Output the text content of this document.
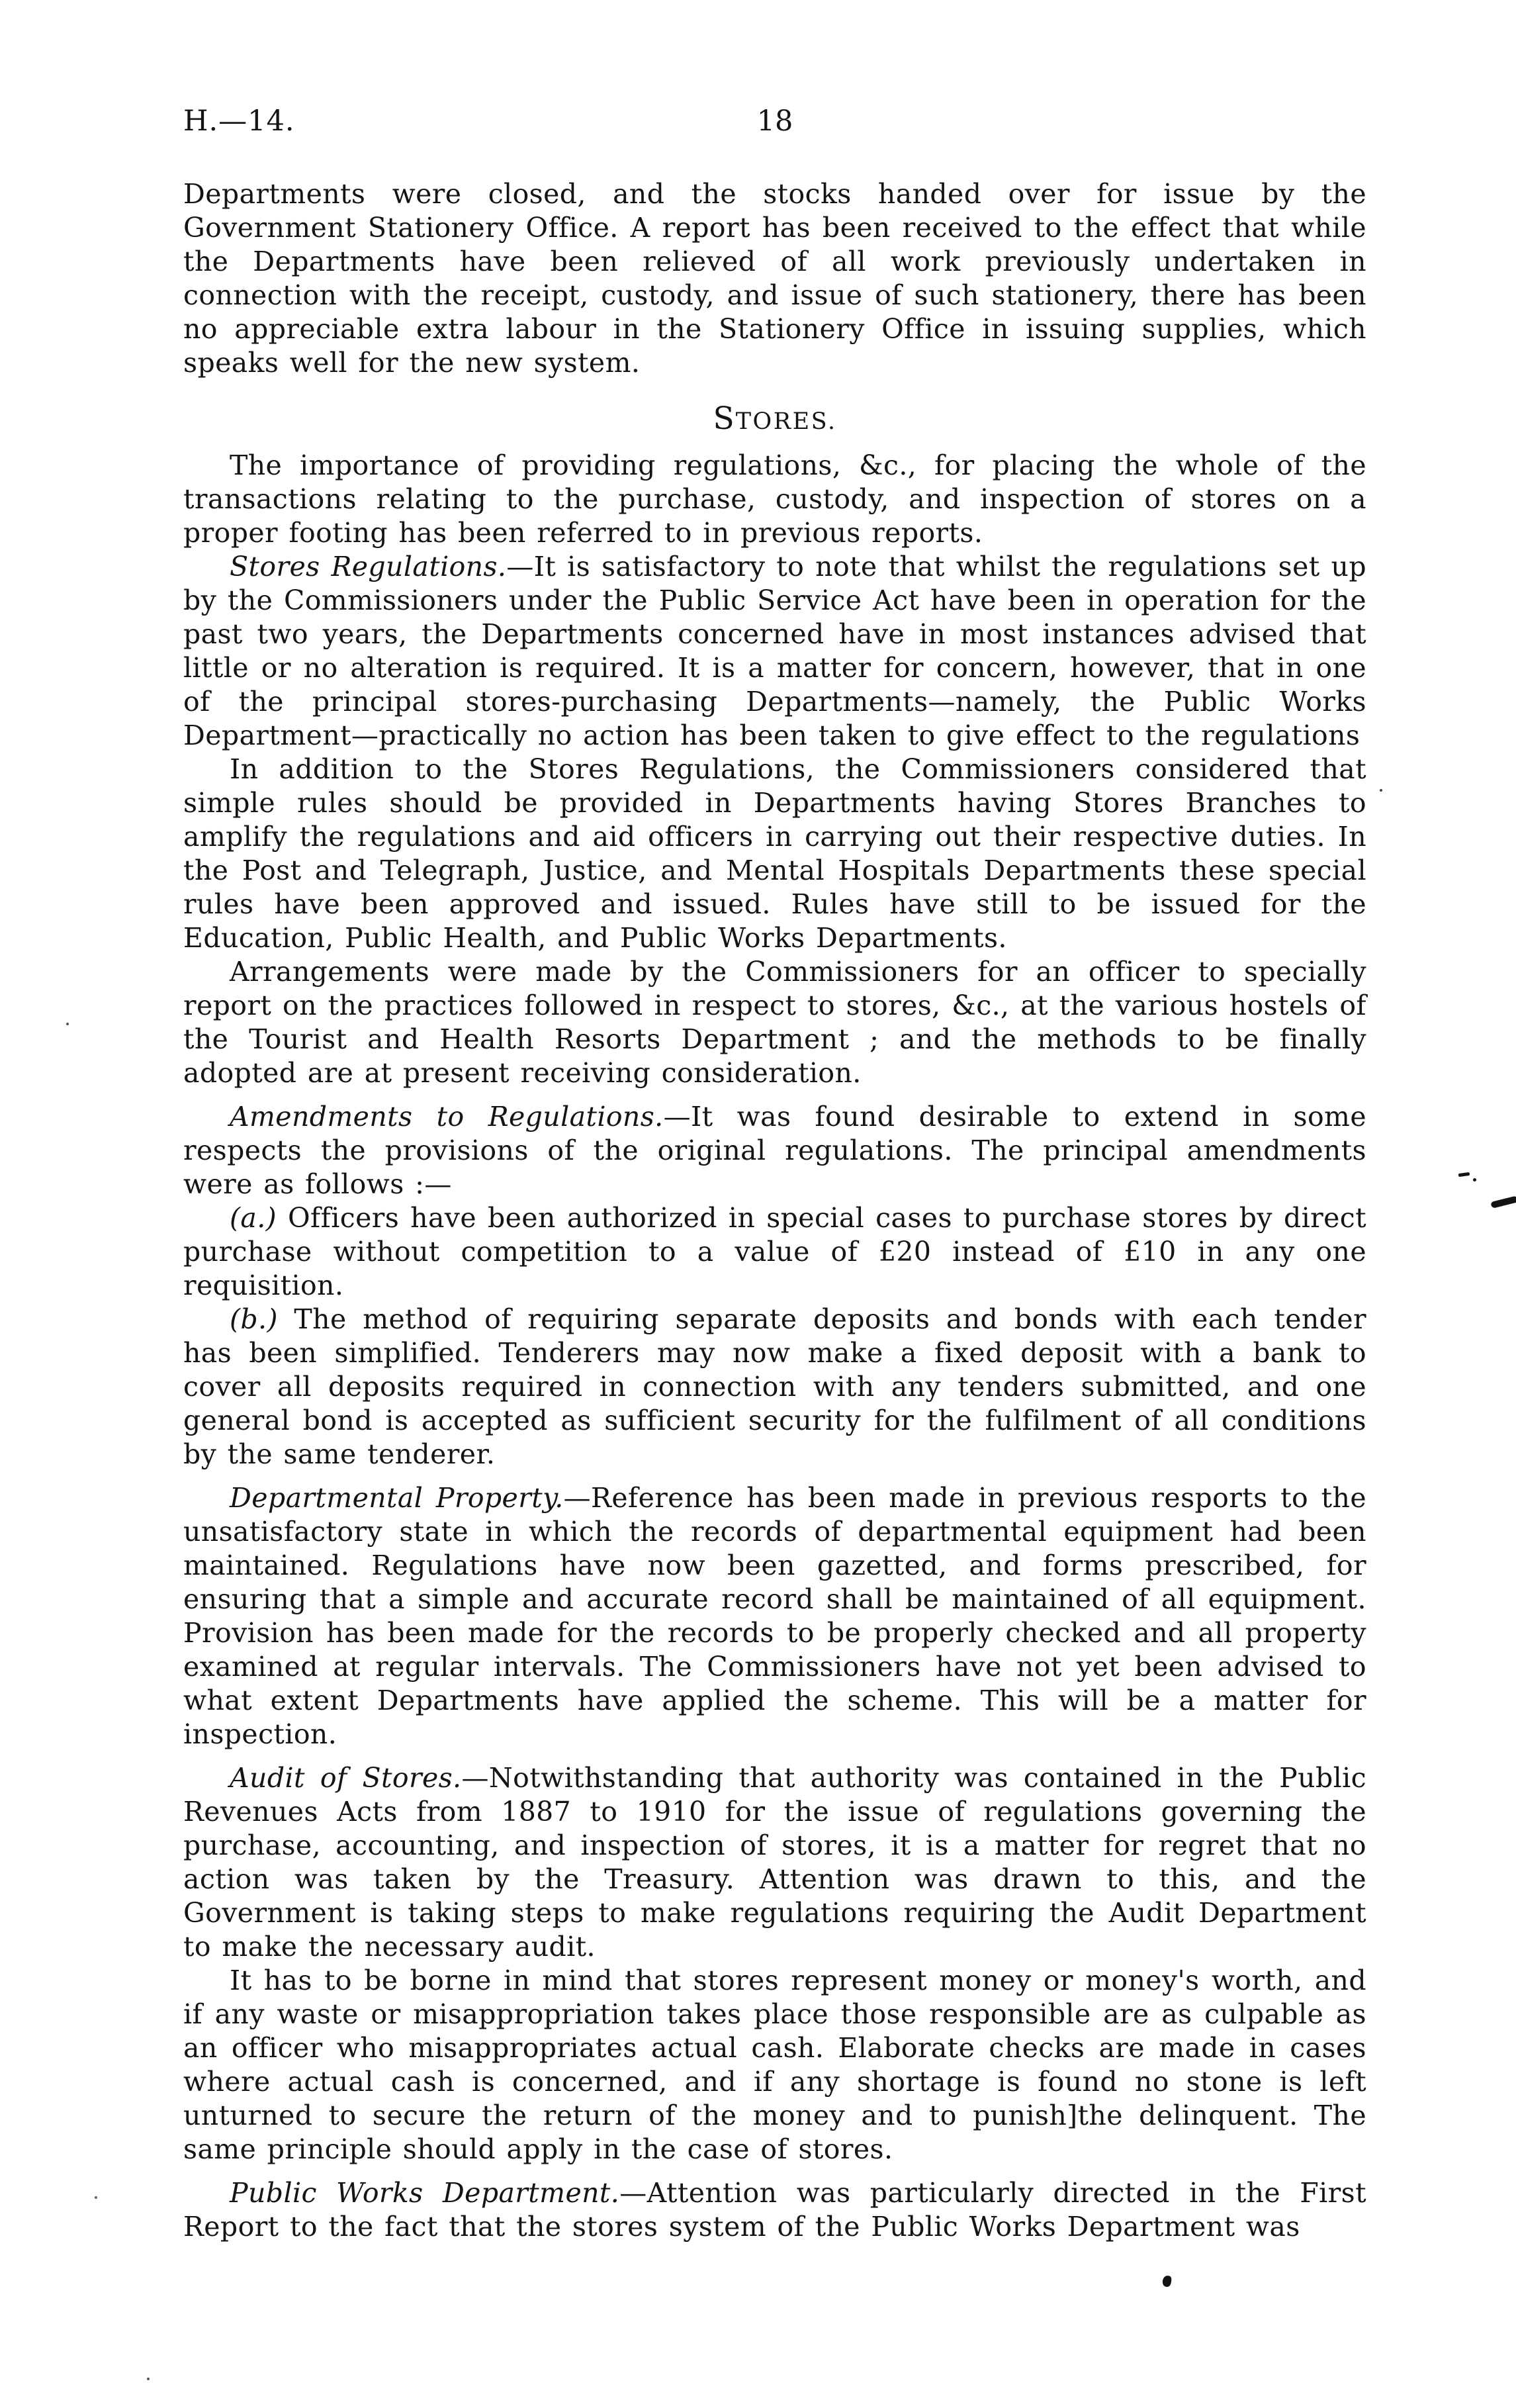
H.—14.	18

Departments were closed, and the stocks handed over for issue by the Government Stationery Office. A report has been received to the effect that while the Departments have been relieved of all work previously undertaken in connection with the receipt, custody, and issue of such stationery, there has been no appreciable extra labour in the Stationery Office in issuing supplies, which speaks well for the new system.

STORES.

The importance of providing regulations, &c., for placing the whole of the transactions relating to the purchase, custody, and inspection of stores on a proper footing has been referred to in previous reports.

Stores Regulations.—It is satisfactory to note that whilst the regulations set up by the Commissioners under the Public Service Act have been in operation for the past two years, the Departments concerned have in most instances advised that little or no alteration is required. It is a matter for concern, however, that in one of the principal stores-purchasing Departments—namely, the Public Works Department—practically no action has been taken to give effect to the regulations

In addition to the Stores Regulations, the Commissioners considered that simple rules should be provided in Departments having Stores Branches to amplify the regulations and aid officers in carrying out their respective duties. In the Post and Telegraph, Justice, and Mental Hospitals Departments these special rules have been approved and issued. Rules have still to be issued for the Education, Public Health, and Public Works Departments.

Arrangements were made by the Commissioners for an officer to specially report on the practices followed in respect to stores, &c., at the various hostels of the Tourist and Health Resorts Department ; and the methods to be finally adopted are at present receiving consideration.

Amendments to Regulations.—It was found desirable to extend in some respects the provisions of the original regulations. The principal amendments were as follows :—

(a.) Officers have been authorized in special cases to purchase stores by direct purchase without competition to a value of £20 instead of £10 in any one requisition.

(b.) The method of requiring separate deposits and bonds with each tender has been simplified. Tenderers may now make a fixed deposit with a bank to cover all deposits required in connection with any tenders submitted, and one general bond is accepted as sufficient security for the fulfilment of all conditions by the same tenderer.

Departmental Property.—Reference has been made in previous resports to the unsatisfactory state in which the records of departmental equipment had been maintained. Regulations have now been gazetted, and forms prescribed, for ensuring that a simple and accurate record shall be maintained of all equipment. Provision has been made for the records to be properly checked and all property examined at regular intervals. The Commissioners have not yet been advised to what extent Departments have applied the scheme. This will be a matter for inspection.

Audit of Stores.—Notwithstanding that authority was contained in the Public Revenues Acts from 1887 to 1910 for the issue of regulations governing the purchase, accounting, and inspection of stores, it is a matter for regret that no action was taken by the Treasury. Attention was drawn to this, and the Government is taking steps to make regulations requiring the Audit Department to make the necessary audit.

It has to be borne in mind that stores represent money or money's worth, and if any waste or misappropriation takes place those responsible are as culpable as an officer who misappropriates actual cash. Elaborate checks are made in cases where actual cash is concerned, and if any shortage is found no stone is left unturned to secure the return of the money and to punish]the delinquent. The same principle should apply in the case of stores.

Public Works Department.—Attention was particularly directed in the First Report to the fact that the stores system of the Public Works Department was
